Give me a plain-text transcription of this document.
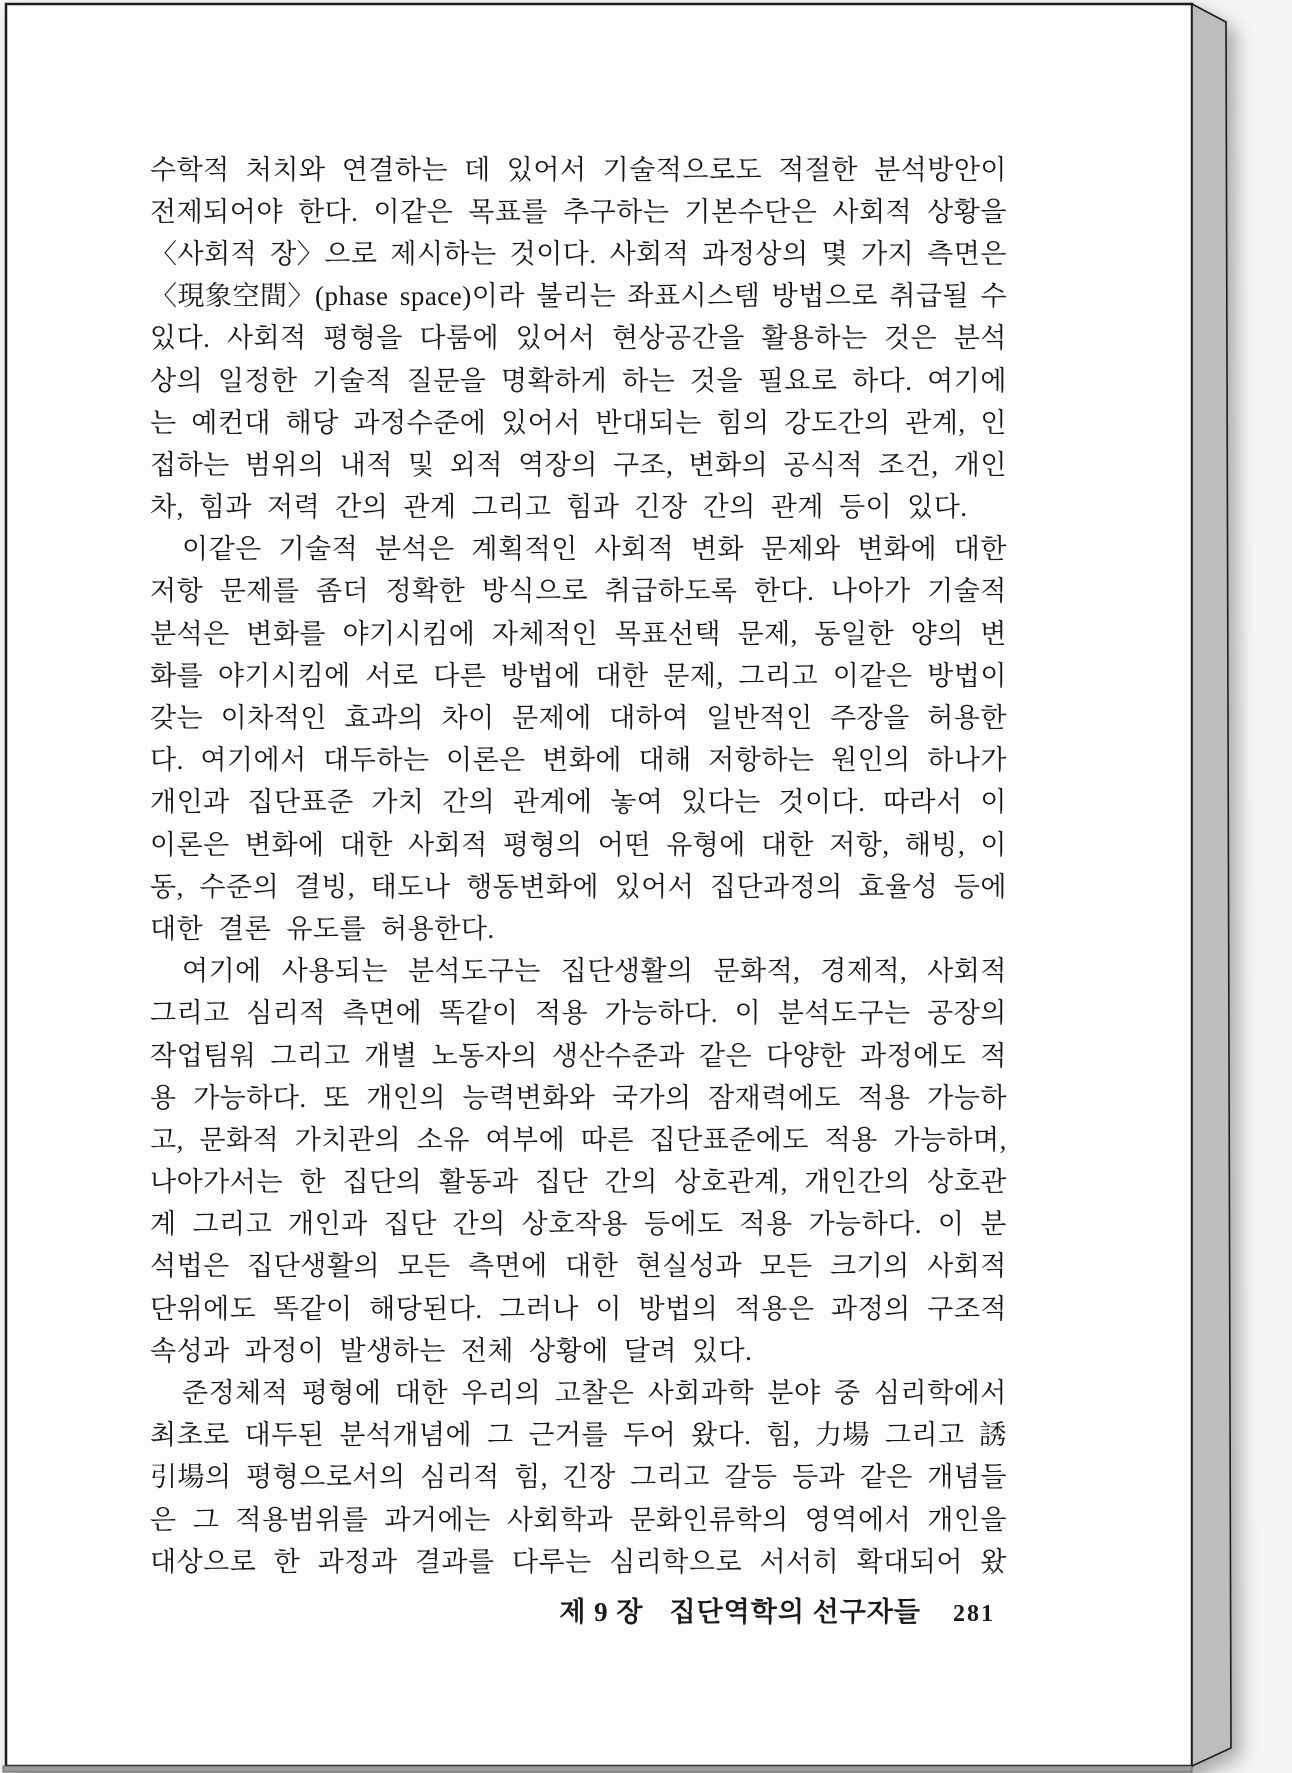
수학적 처치와 연결하는 데 있어서 기술적으로도 적절한 분석방안이
전제되어야 한다. 이같은 목표를 추구하는 기본수단은 사회적 상황을
〈사회적 장〉으로 제시하는 것이다. 사회적 과정상의 몇 가지 측면은
〈現象空間〉(phase space)이라 불리는 좌표시스템 방법으로 취급될 수
있다. 사회적 평형을 다룸에 있어서 현상공간을 활용하는 것은 분석
상의 일정한 기술적 질문을 명확하게 하는 것을 필요로 하다. 여기에
는 예컨대 해당 과정수준에 있어서 반대되는 힘의 강도간의 관계, 인
접하는 범위의 내적 및 외적 역장의 구조, 변화의 공식적 조건, 개인
차, 힘과 저력 간의 관계 그리고 힘과 긴장 간의 관계 등이 있다.
이같은 기술적 분석은 계획적인 사회적 변화 문제와 변화에 대한
저항 문제를 좀더 정확한 방식으로 취급하도록 한다. 나아가 기술적
분석은 변화를 야기시킴에 자체적인 목표선택 문제, 동일한 양의 변
화를 야기시킴에 서로 다른 방법에 대한 문제, 그리고 이같은 방법이
갖는 이차적인 효과의 차이 문제에 대하여 일반적인 주장을 허용한
다. 여기에서 대두하는 이론은 변화에 대해 저항하는 원인의 하나가
개인과 집단표준 가치 간의 관계에 놓여 있다는 것이다. 따라서 이
이론은 변화에 대한 사회적 평형의 어떤 유형에 대한 저항, 해빙, 이
동, 수준의 결빙, 태도나 행동변화에 있어서 집단과정의 효율성 등에
대한 결론 유도를 허용한다.
여기에 사용되는 분석도구는 집단생활의 문화적, 경제적, 사회적
그리고 심리적 측면에 똑같이 적용 가능하다. 이 분석도구는 공장의
작업팀워 그리고 개별 노동자의 생산수준과 같은 다양한 과정에도 적
용 가능하다. 또 개인의 능력변화와 국가의 잠재력에도 적용 가능하
고, 문화적 가치관의 소유 여부에 따른 집단표준에도 적용 가능하며,
나아가서는 한 집단의 활동과 집단 간의 상호관계, 개인간의 상호관
계 그리고 개인과 집단 간의 상호작용 등에도 적용 가능하다. 이 분
석법은 집단생활의 모든 측면에 대한 현실성과 모든 크기의 사회적
단위에도 똑같이 해당된다. 그러나 이 방법의 적용은 과정의 구조적
속성과 과정이 발생하는 전체 상황에 달려 있다.
준정체적 평형에 대한 우리의 고찰은 사회과학 분야 중 심리학에서
최초로 대두된 분석개념에 그 근거를 두어 왔다. 힘, 力場 그리고 誘
引場의 평형으로서의 심리적 힘, 긴장 그리고 갈등 등과 같은 개념들
은 그 적용범위를 과거에는 사회학과 문화인류학의 영역에서 개인을
대상으로 한 과정과 결과를 다루는 심리학으로 서서히 확대되어 왔
제 9 장 집단역학의 선구자들 281
